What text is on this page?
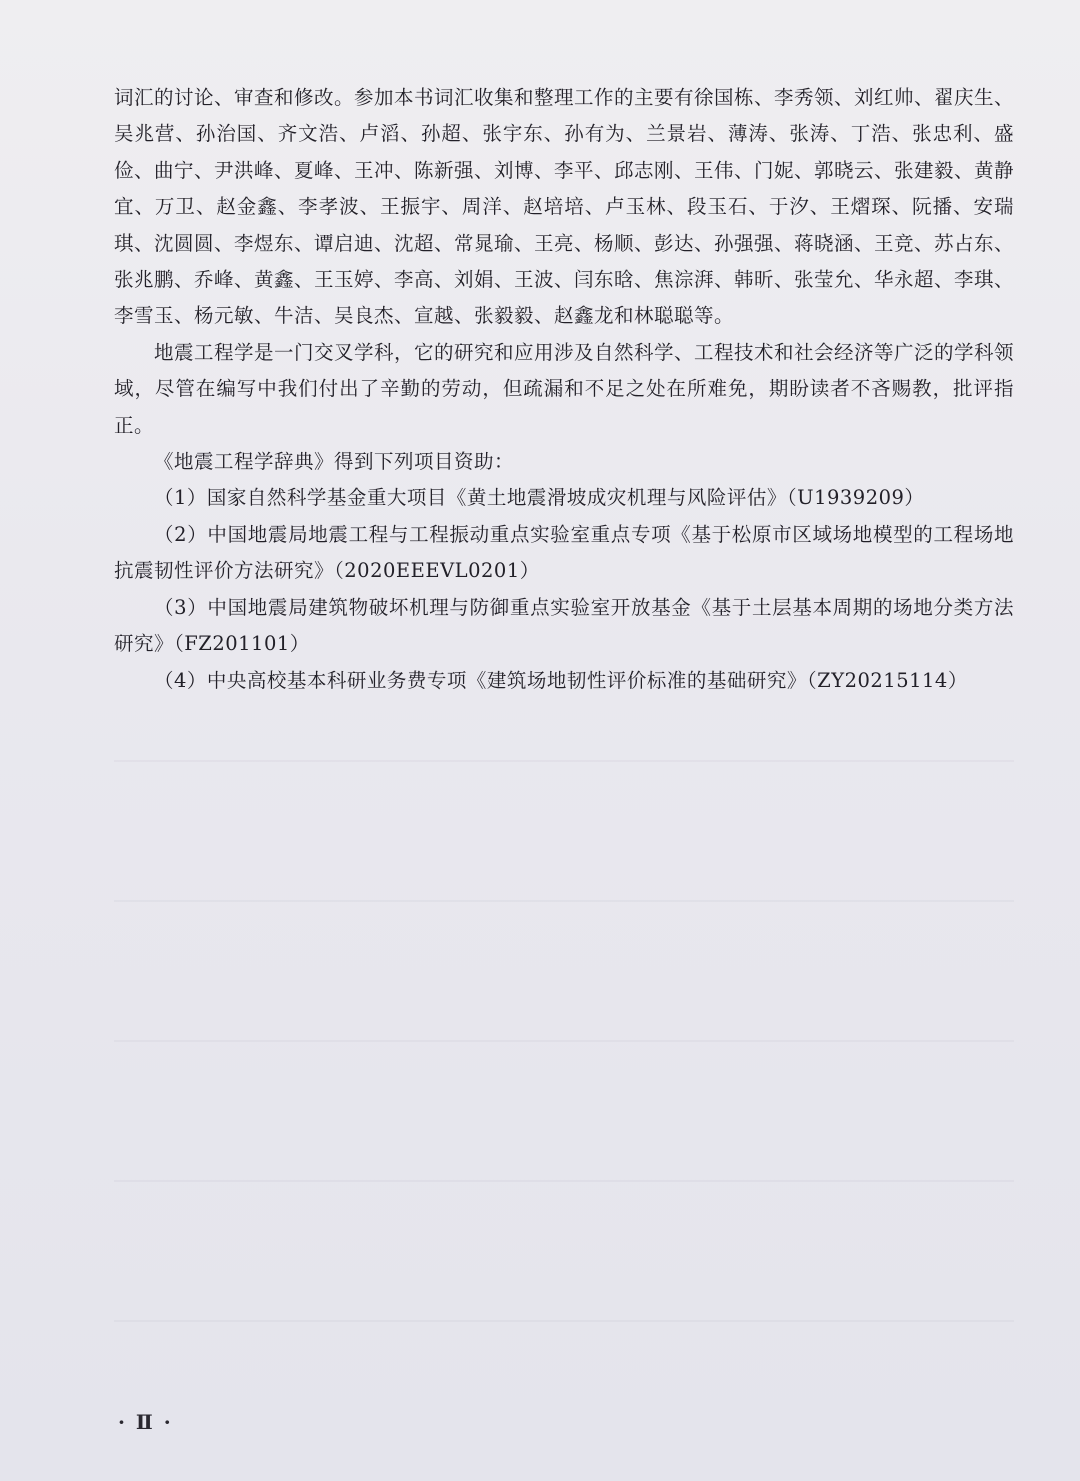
词汇的讨论、审查和修改。参加本书词汇收集和整理工作的主要有徐国栋、李秀领、刘红帅、翟庆生、吴兆营、孙治国、齐文浩、卢滔、孙超、张宇东、孙有为、兰景岩、薄涛、张涛、丁浩、张忠利、盛俭、曲宁、尹洪峰、夏峰、王冲、陈新强、刘博、李平、邱志刚、王伟、门妮、郭晓云、张建毅、黄静宜、万卫、赵金鑫、李孝波、王振宇、周洋、赵培培、卢玉林、段玉石、于汐、王熠琛、阮播、安瑞琪、沈圆圆、李煜东、谭启迪、沈超、常晁瑜、王亮、杨顺、彭达、孙强强、蒋晓涵、王竞、苏占东、张兆鹏、乔峰、黄鑫、王玉婷、李高、刘娟、王波、闫东晗、焦淙湃、韩昕、张莹允、华永超、李琪、李雪玉、杨元敏、牛洁、吴良杰、宣越、张毅毅、赵鑫龙和林聪聪等。

地震工程学是一门交叉学科，它的研究和应用涉及自然科学、工程技术和社会经济等广泛的学科领域，尽管在编写中我们付出了辛勤的劳动，但疏漏和不足之处在所难免，期盼读者不吝赐教，批评指正。

《地震工程学辞典》得到下列项目资助：

（1）国家自然科学基金重大项目《黄土地震滑坡成灾机理与风险评估》（U1939209）

（2）中国地震局地震工程与工程振动重点实验室重点专项《基于松原市区域场地模型的工程场地抗震韧性评价方法研究》（2020EEEVL0201）

（3）中国地震局建筑物破坏机理与防御重点实验室开放基金《基于土层基本周期的场地分类方法研究》（FZ201101）

（4）中央高校基本科研业务费专项《建筑场地韧性评价标准的基础研究》（ZY20215114）

· Ⅱ ·
